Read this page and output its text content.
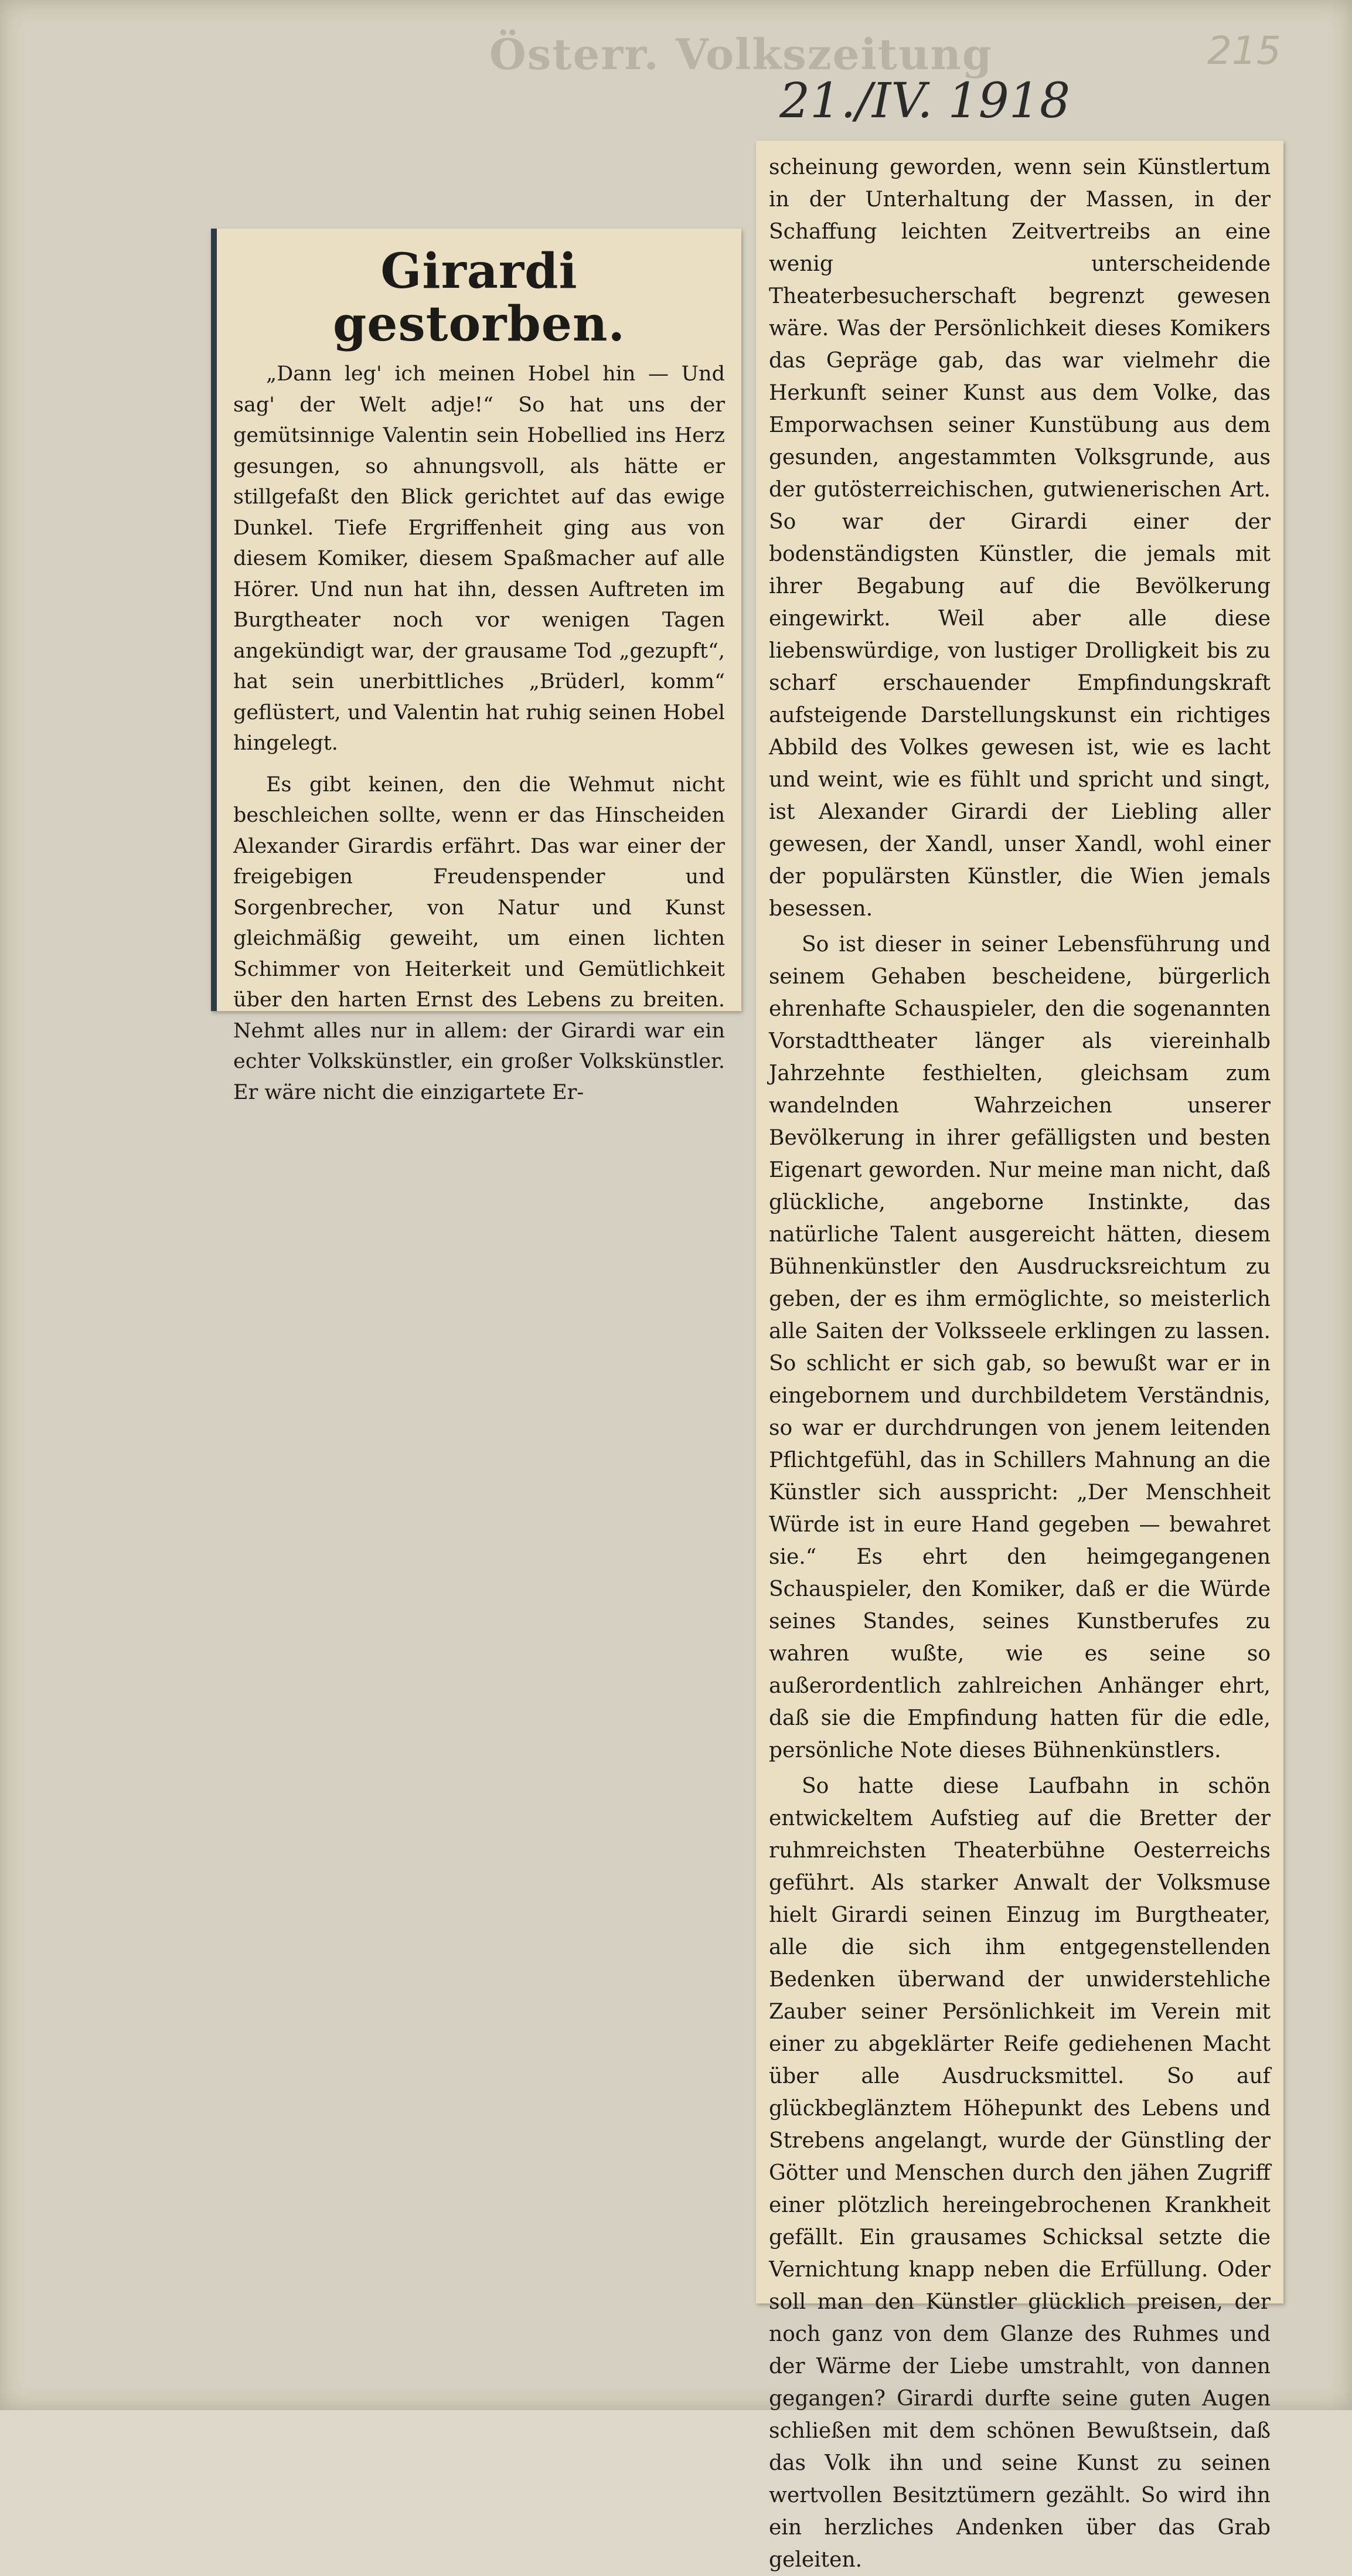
Österr. Volkszeitung	215
21./IV. 1918
Girardi gestorben.

„Dann leg' ich meinen Hobel hin — Und sag' der Welt adje!“ So hat uns der gemütsinnige Valentin sein Hobellied ins Herz gesungen, so ahnungsvoll, als hätte er stillgefaßt den Blick gerichtet auf das ewige Dunkel. Tiefe Ergriffenheit ging aus von diesem Komiker, diesem Spaßmacher auf alle Hörer. Und nun hat ihn, dessen Auftreten im Burgtheater noch vor wenigen Tagen angekündigt war, der grausame Tod „gezupft“, hat sein unerbittliches „Brüderl, komm“ geflüstert, und Valentin hat ruhig seinen Hobel hingelegt.

Es gibt keinen, den die Wehmut nicht beschleichen sollte, wenn er das Hinscheiden Alexander Girardis erfährt. Das war einer der freigebigen Freudenspender und Sorgenbrecher, von Natur und Kunst gleichmäßig geweiht, um einen lichten Schimmer von Heiterkeit und Gemütlichkeit über den harten Ernst des Lebens zu breiten. Nehmt alles nur in allem: der Girardi war ein echter Volkskünstler, ein großer Volkskünstler. Er wäre nicht die einzigartete Er-

scheinung geworden, wenn sein Künstlertum in der Unterhaltung der Massen, in der Schaffung leichten Zeitvertreibs an eine wenig unterscheidende Theaterbesucherschaft begrenzt gewesen wäre. Was der Persönlichkeit dieses Komikers das Gepräge gab, das war vielmehr die Herkunft seiner Kunst aus dem Volke, das Emporwachsen seiner Kunstübung aus dem gesunden, angestammten Volksgrunde, aus der gutösterreichischen, gutwienerischen Art. So war der Girardi einer der bodenständigsten Künstler, die jemals mit ihrer Begabung auf die Bevölkerung eingewirkt. Weil aber alle diese liebenswürdige, von lustiger Drolligkeit bis zu scharf erschauender Empfindungskraft aufsteigende Darstellungskunst ein richtiges Abbild des Volkes gewesen ist, wie es lacht und weint, wie es fühlt und spricht und singt, ist Alexander Girardi der Liebling aller gewesen, der Xandl, unser Xandl, wohl einer der populärsten Künstler, die Wien jemals besessen.

So ist dieser in seiner Lebensführung und seinem Gehaben bescheidene, bürgerlich ehrenhafte Schauspieler, den die sogenannten Vorstadttheater länger als viereinhalb Jahrzehnte festhielten, gleichsam zum wandelnden Wahrzeichen unserer Bevölkerung in ihrer gefälligsten und besten Eigenart geworden. Nur meine man nicht, daß glückliche, angeborne Instinkte, das natürliche Talent ausgereicht hätten, diesem Bühnenkünstler den Ausdrucksreichtum zu geben, der es ihm ermöglichte, so meisterlich alle Saiten der Volksseele erklingen zu lassen. So schlicht er sich gab, so bewußt war er in eingebornem und durchbildetem Verständnis, so war er durchdrungen von jenem leitenden Pflichtgefühl, das in Schillers Mahnung an die Künstler sich ausspricht: „Der Menschheit Würde ist in eure Hand gegeben — bewahret sie.“ Es ehrt den heimgegangenen Schauspieler, den Komiker, daß er die Würde seines Standes, seines Kunstberufes zu wahren wußte, wie es seine so außerordentlich zahlreichen Anhänger ehrt, daß sie die Empfindung hatten für die edle, persönliche Note dieses Bühnenkünstlers.

So hatte diese Laufbahn in schön entwickeltem Aufstieg auf die Bretter der ruhmreichsten Theaterbühne Oesterreichs geführt. Als starker Anwalt der Volksmuse hielt Girardi seinen Einzug im Burgtheater, alle die sich ihm entgegenstellenden Bedenken überwand der unwiderstehliche Zauber seiner Persönlichkeit im Verein mit einer zu abgeklärter Reife gediehenen Macht über alle Ausdrucksmittel. So auf glückbeglänztem Höhepunkt des Lebens und Strebens angelangt, wurde der Günstling der Götter und Menschen durch den jähen Zugriff einer plötzlich hereingebrochenen Krankheit gefällt. Ein grausames Schicksal setzte die Vernichtung knapp neben die Erfüllung. Oder soll man den Künstler glücklich preisen, der noch ganz von dem Glanze des Ruhmes und der Wärme der Liebe umstrahlt, von dannen gegangen? Girardi durfte seine guten Augen schließen mit dem schönen Bewußtsein, daß das Volk ihn und seine Kunst zu seinen wertvollen Besitztümern gezählt. So wird ihn ein herzliches Andenken über das Grab geleiten.
